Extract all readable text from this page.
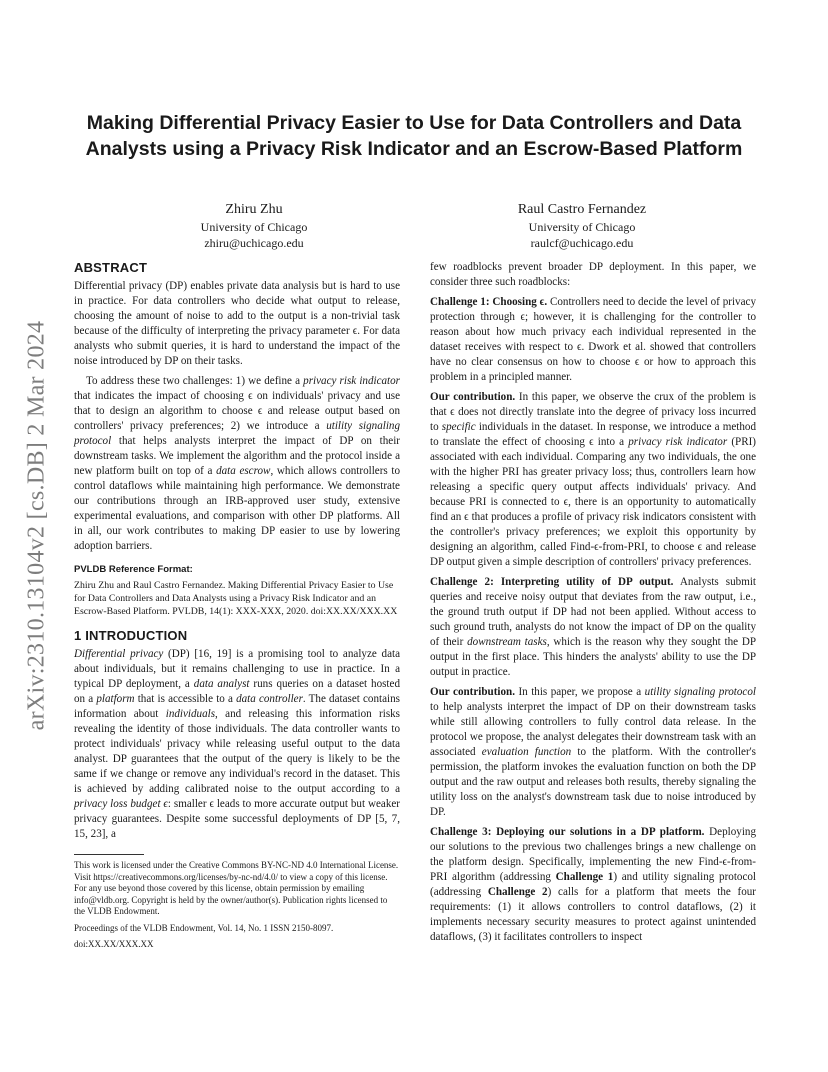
arXiv:2310.13104v2 [cs.DB] 2 Mar 2024
Making Differential Privacy Easier to Use for Data Controllers and Data Analysts using a Privacy Risk Indicator and an Escrow-Based Platform
Zhiru Zhu
University of Chicago
zhiru@uchicago.edu
Raul Castro Fernandez
University of Chicago
raulcf@uchicago.edu
ABSTRACT

Differential privacy (DP) enables private data analysis but is hard to use in practice. For data controllers who decide what output to release, choosing the amount of noise to add to the output is a non-trivial task because of the difficulty of interpreting the privacy parameter ϵ. For data analysts who submit queries, it is hard to understand the impact of the noise introduced by DP on their tasks.

To address these two challenges: 1) we define a privacy risk indicator that indicates the impact of choosing ϵ on individuals' privacy and use that to design an algorithm to choose ϵ and release output based on controllers' privacy preferences; 2) we introduce a utility signaling protocol that helps analysts interpret the impact of DP on their downstream tasks. We implement the algorithm and the protocol inside a new platform built on top of a data escrow, which allows controllers to control dataflows while maintaining high performance. We demonstrate our contributions through an IRB-approved user study, extensive experimental evaluations, and comparison with other DP platforms. All in all, our work contributes to making DP easier to use by lowering adoption barriers.

PVLDB Reference Format:

Zhiru Zhu and Raul Castro Fernandez. Making Differential Privacy Easier to Use for Data Controllers and Data Analysts using a Privacy Risk Indicator and an Escrow-Based Platform. PVLDB, 14(1): XXX-XXX, 2020. doi:XX.XX/XXX.XX

1 INTRODUCTION

Differential privacy (DP) [16, 19] is a promising tool to analyze data about individuals, but it remains challenging to use in practice. In a typical DP deployment, a data analyst runs queries on a dataset hosted on a platform that is accessible to a data controller. The dataset contains information about individuals, and releasing this information risks revealing the identity of those individuals. The data controller wants to protect individuals' privacy while releasing useful output to the data analyst. DP guarantees that the output of the query is likely to be the same if we change or remove any individual's record in the dataset. This is achieved by adding calibrated noise to the output according to a privacy loss budget ϵ: smaller ϵ leads to more accurate output but weaker privacy guarantees. Despite some successful deployments of DP [5, 7, 15, 23], a

This work is licensed under the Creative Commons BY-NC-ND 4.0 International License. Visit https://creativecommons.org/licenses/by-nc-nd/4.0/ to view a copy of this license. For any use beyond those covered by this license, obtain permission by emailing info@vldb.org. Copyright is held by the owner/author(s). Publication rights licensed to the VLDB Endowment.

Proceedings of the VLDB Endowment, Vol. 14, No. 1 ISSN 2150-8097.

doi:XX.XX/XXX.XX

few roadblocks prevent broader DP deployment. In this paper, we consider three such roadblocks:

Challenge 1: Choosing ϵ. Controllers need to decide the level of privacy protection through ϵ; however, it is challenging for the controller to reason about how much privacy each individual represented in the dataset receives with respect to ϵ. Dwork et al. showed that controllers have no clear consensus on how to choose ϵ or how to approach this problem in a principled manner.

Our contribution. In this paper, we observe the crux of the problem is that ϵ does not directly translate into the degree of privacy loss incurred to specific individuals in the dataset. In response, we introduce a method to translate the effect of choosing ϵ into a privacy risk indicator (PRI) associated with each individual. Comparing any two individuals, the one with the higher PRI has greater privacy loss; thus, controllers learn how releasing a specific query output affects individuals' privacy. And because PRI is connected to ϵ, there is an opportunity to automatically find an ϵ that produces a profile of privacy risk indicators consistent with the controller's privacy preferences; we exploit this opportunity by designing an algorithm, called Find-ϵ-from-PRI, to choose ϵ and release DP output given a simple description of controllers' privacy preferences.

Challenge 2: Interpreting utility of DP output. Analysts submit queries and receive noisy output that deviates from the raw output, i.e., the ground truth output if DP had not been applied. Without access to such ground truth, analysts do not know the impact of DP on the quality of their downstream tasks, which is the reason why they sought the DP output in the first place. This hinders the analysts' ability to use the DP output in practice.

Our contribution. In this paper, we propose a utility signaling protocol to help analysts interpret the impact of DP on their downstream tasks while still allowing controllers to fully control data release. In the protocol we propose, the analyst delegates their downstream task with an associated evaluation function to the platform. With the controller's permission, the platform invokes the evaluation function on both the DP output and the raw output and releases both results, thereby signaling the utility loss on the analyst's downstream task due to noise introduced by DP.

Challenge 3: Deploying our solutions in a DP platform. Deploying our solutions to the previous two challenges brings a new challenge on the platform design. Specifically, implementing the new Find-ϵ-from-PRI algorithm (addressing Challenge 1) and utility signaling protocol (addressing Challenge 2) calls for a platform that meets the four requirements: (1) it allows controllers to control dataflows, (2) it implements necessary security measures to protect against unintended dataflows, (3) it facilitates controllers to inspect
